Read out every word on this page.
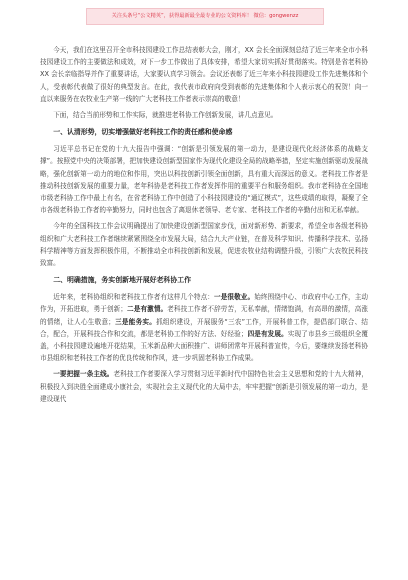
关注头条号“公文精英”，获得最新最全最专业的公文资料库！ 微信：gongwenzz

今天，我们在这里召开全市科技园建设工作总结表彰大会，刚才，XX 会长全面深刻总结了近三年来全市小科技园建设工作的主要做法和成效，对下一步工作做出了具体安排，希望大家切实抓好贯彻落实。特别是省老科协 XX 会长亲临指导并作了重要讲话，大家要认真学习领会。会议还表彰了近三年来小科技园建设工作先进集体和个人，受表彰代表做了很好的典型发言。在此，我代表市政府向受到表彰的先进集体和个人表示衷心的祝贺！向一直以来服务在农牧业生产第一线的广大老科技工作者表示崇高的敬意！

下面，结合当前形势和工作实际，就推进老科协工作创新发展，讲几点意见。

一、认清形势，切实增强做好老科技工作的责任感和使命感

习近平总书记在党的十九大报告中强调：“创新是引领发展的第一动力，是建设现代化经济体系的战略支撑”。按照党中央的决策部署，把加快建设创新型国家作为现代化建设全局的战略举措，坚定实施创新驱动发展战略，强化创新第一动力的地位和作用，突出以科技创新引领全面创新，具有重大而深远的意义。老科技工作者是推动科技创新发展的重要力量，老年科协是老科技工作者发挥作用的重要平台和服务组织。我市老科协在全国地市级老科协工作中最上有名，在省老科协工作中创造了小科技园建设的“通辽模式”，这些成绩的取得，凝聚了全市各级老科协工作者的辛勤努力，同时也包含了离退休老领导、老专家、老科技工作者的辛勤付出和无私奉献。

今年的全国科技工作会议明确提出了加快建设创新型国家步伐，面对新形势、新要求，希望全市各级老科协组织和广大老科技工作者继续紧紧围绕全市发展大局，结合九大产业链，在普及科学知识、传播科学技术、弘扬科学精神等方面发挥积极作用，不断推动全市科技创新和发展，促进农牧业结构调整升级，引领广大农牧民科技致富。

二、明确措施，务实创新地开展好老科协工作

近年来，老科协组织和老科技工作者有这样几个特点：一是很敬业。始终围绕中心、市政府中心工作，主动作为，开拓进取，勇于创新；二是有激情。老科技工作者不辞劳苦，无私奉献，情绪饱满，有高昂的激情，高涨的情绪，让人心生敬意；三是能务实。抓组织建设，开展服务“三农”工作，开展科普工作，提倡部门联合、结合，配合，开展科技合作和交流，都是老科协工作的好方法、好经验；四是有发展。实现了市县乡三级组织全覆盖，小科技园建设遍地开花结果，玉米新品种大面积推广、讲师团常年开展科普宣传，今后，要继续发扬老科协市县组织和老科技工作者的优良传统和作风，进一步巩固老科协工作成果。

一要把握一条主线。老科技工作者要深入学习贯彻习近平新时代中国特色社会主义思想和党的十九大精神，积极投入到决胜全面建成小康社会，实现社会主义现代化的大局中去，牢牢把握“创新是引领发展的第一动力，是建设现代
